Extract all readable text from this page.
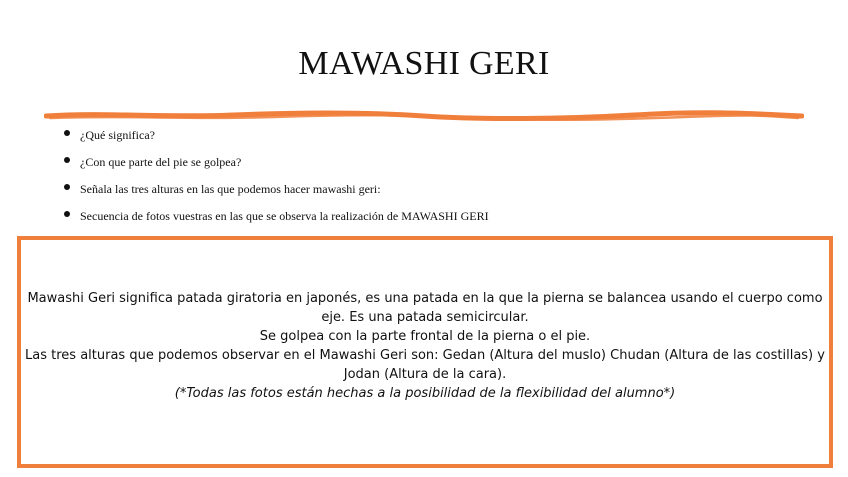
MAWASHI GERI
¿Qué significa?
¿Con que parte del pie se golpea?
Señala las tres alturas en las que podemos hacer mawashi geri:
Secuencia de fotos vuestras en las que se observa la realización de MAWASHI GERI
Mawashi Geri significa patada giratoria en japonés, es una patada en la que la pierna se balancea usando el cuerpo como eje. Es una patada semicircular.
Se golpea con la parte frontal de la pierna o el pie.
Las tres alturas que podemos observar en el Mawashi Geri son: Gedan (Altura del muslo) Chudan (Altura de las costillas) y Jodan (Altura de la cara).
(*Todas las fotos están hechas a la posibilidad de la flexibilidad del alumno*)
